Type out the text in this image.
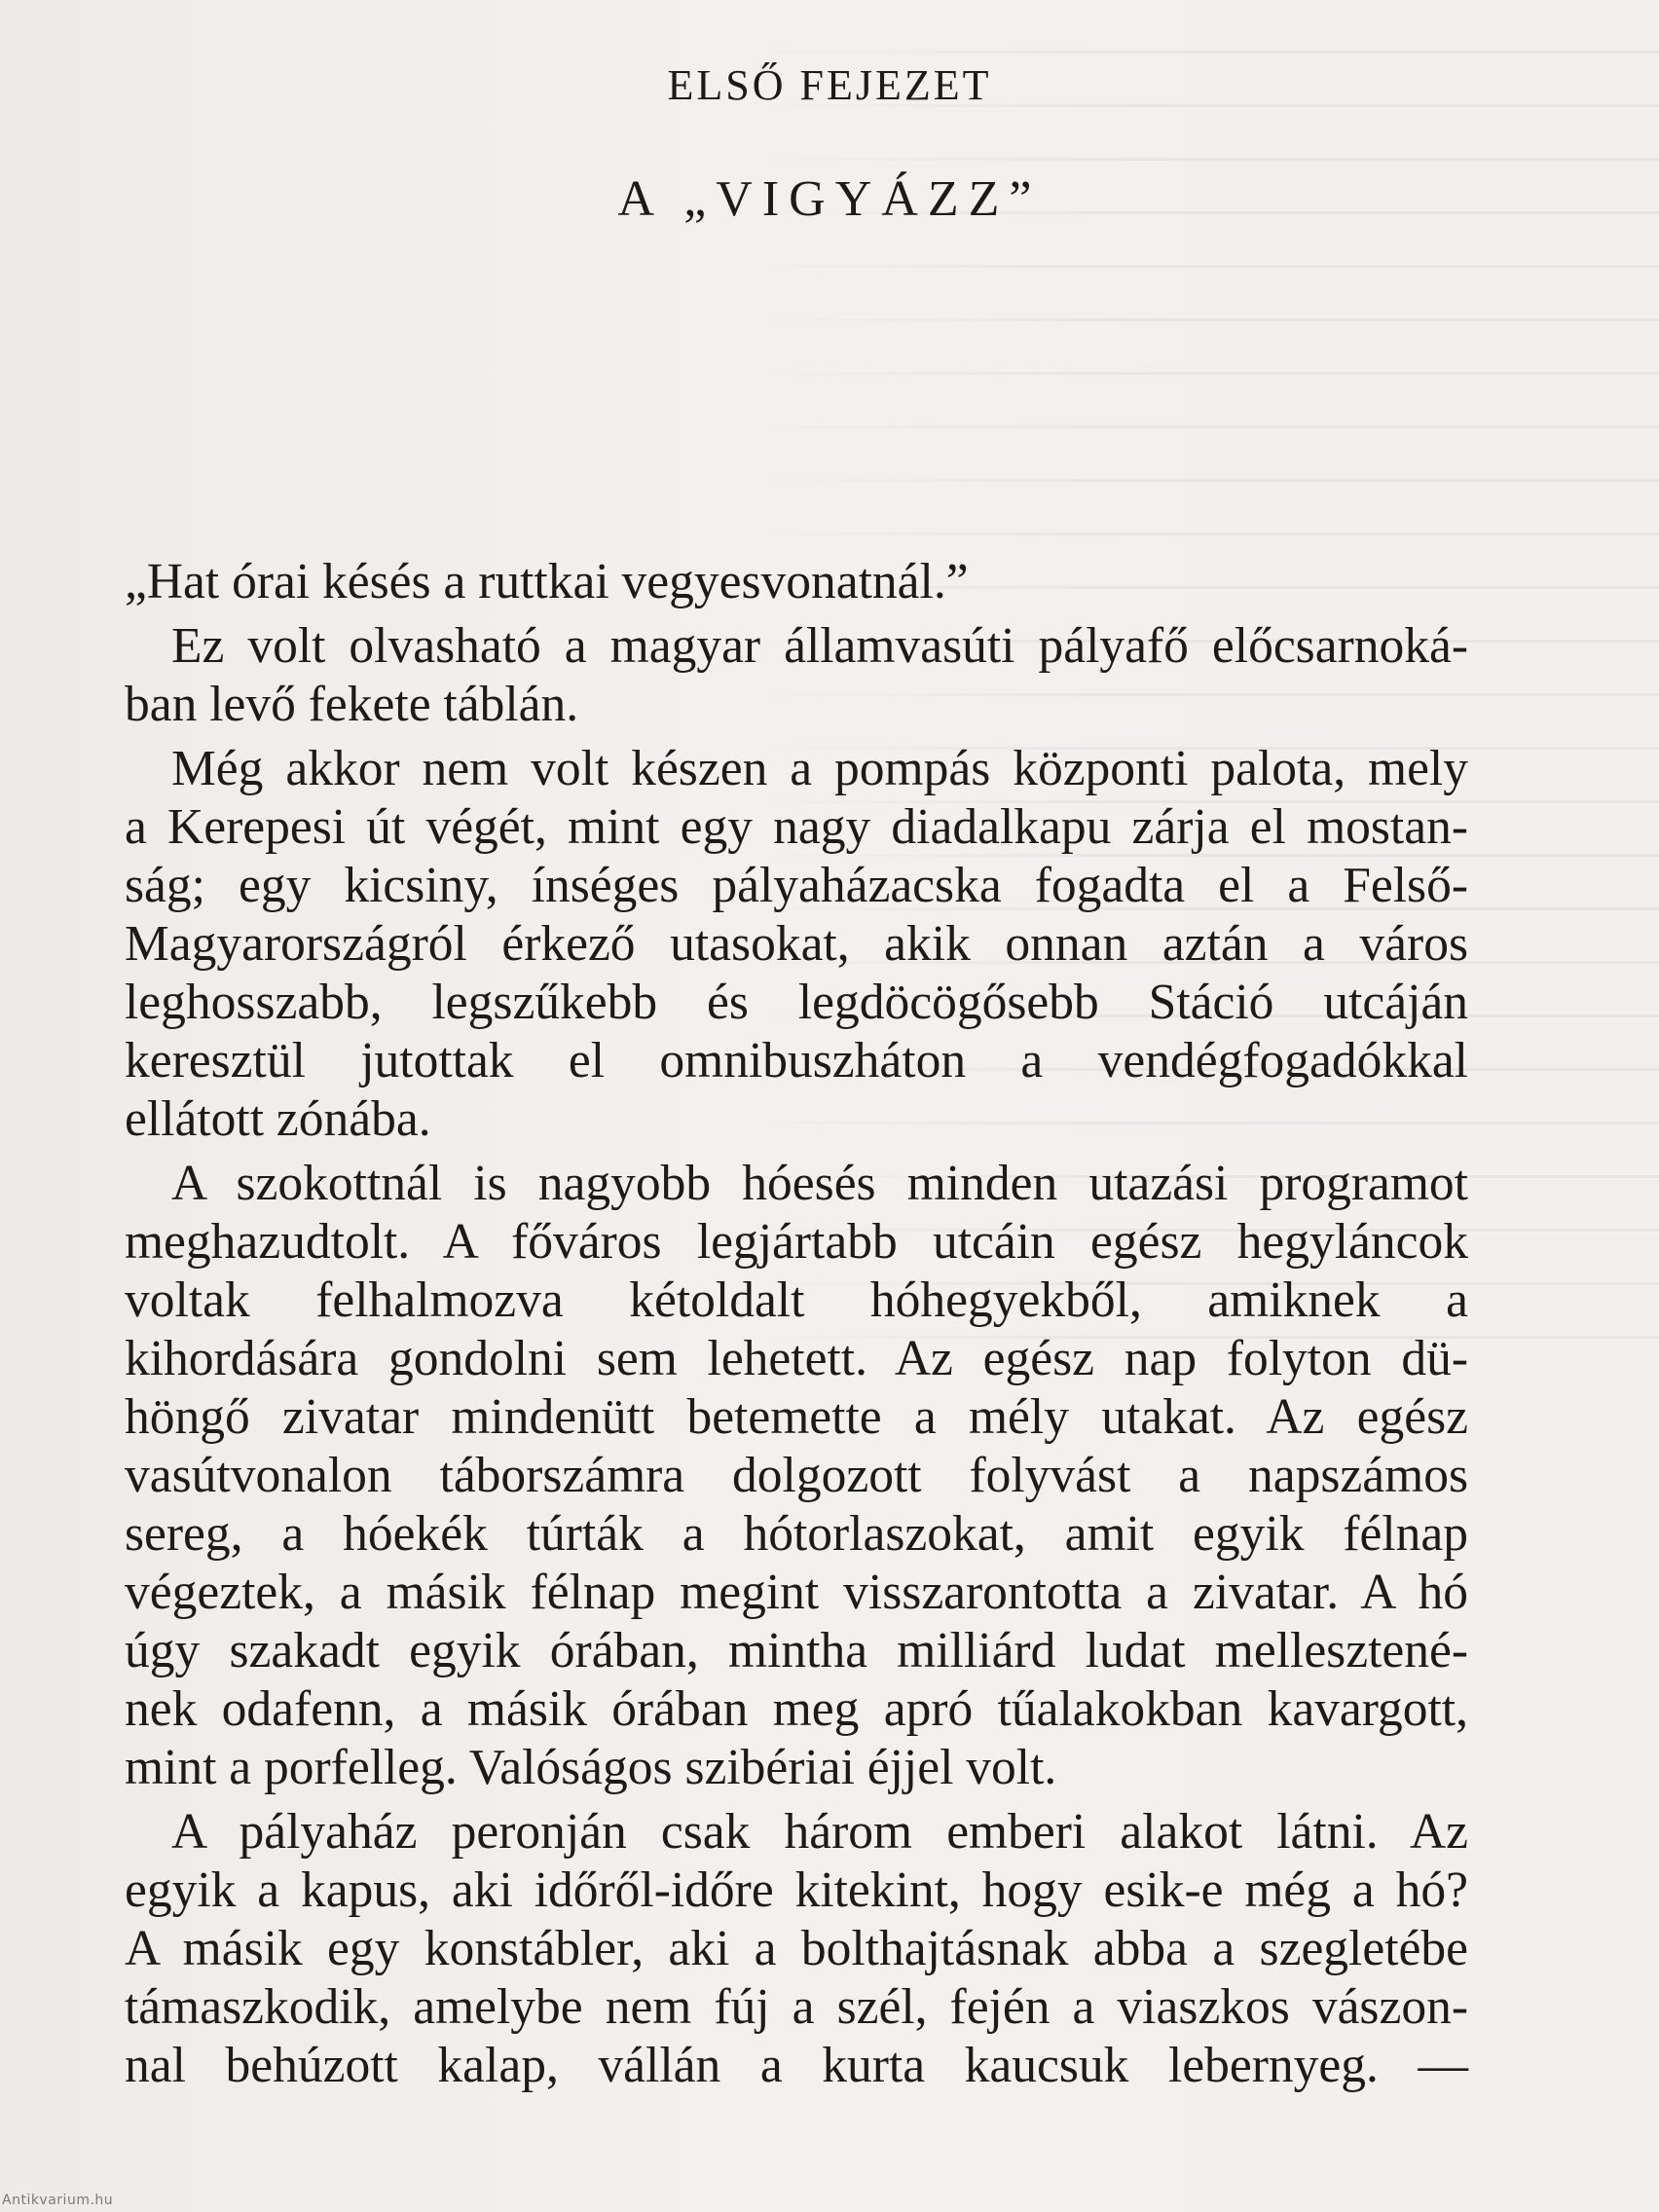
ELSŐ FEJEZET
A „VIGYÁZZ”
„Hat órai késés a ruttkai vegyesvonatnál.”
Ez volt olvasható a magyar államvasúti pályafő előcsarnoká-
ban levő fekete táblán.
Még akkor nem volt készen a pompás központi palota, mely
a Kerepesi út végét, mint egy nagy diadalkapu zárja el mostan-
ság; egy kicsiny, ínséges pályaházacska fogadta el a Felső-
Magyarországról érkező utasokat, akik onnan aztán a város
leghosszabb, legszűkebb és legdöcögősebb Stáció utcáján
keresztül jutottak el omnibuszháton a vendégfogadókkal
ellátott zónába.
A szokottnál is nagyobb hóesés minden utazási programot
meghazudtolt. A főváros legjártabb utcáin egész hegyláncok
voltak felhalmozva kétoldalt hóhegyekből, amiknek a
kihordására gondolni sem lehetett. Az egész nap folyton dü-
höngő zivatar mindenütt betemette a mély utakat. Az egész
vasútvonalon táborszámra dolgozott folyvást a napszámos
sereg, a hóekék túrták a hótorlaszokat, amit egyik félnap
végeztek, a másik félnap megint visszarontotta a zivatar. A hó
úgy szakadt egyik órában, mintha milliárd ludat mellesztené-
nek odafenn, a másik órában meg apró tűalakokban kavargott,
mint a porfelleg. Valóságos szibériai éjjel volt.
A pályaház peronján csak három emberi alakot látni. Az
egyik a kapus, aki időről-időre kitekint, hogy esik-e még a hó?
A másik egy konstábler, aki a bolthajtásnak abba a szegletébe
támaszkodik, amelybe nem fúj a szél, fején a viaszkos vászon-
nal behúzott kalap, vállán a kurta kaucsuk lebernyeg. —
Antikvarium.hu
